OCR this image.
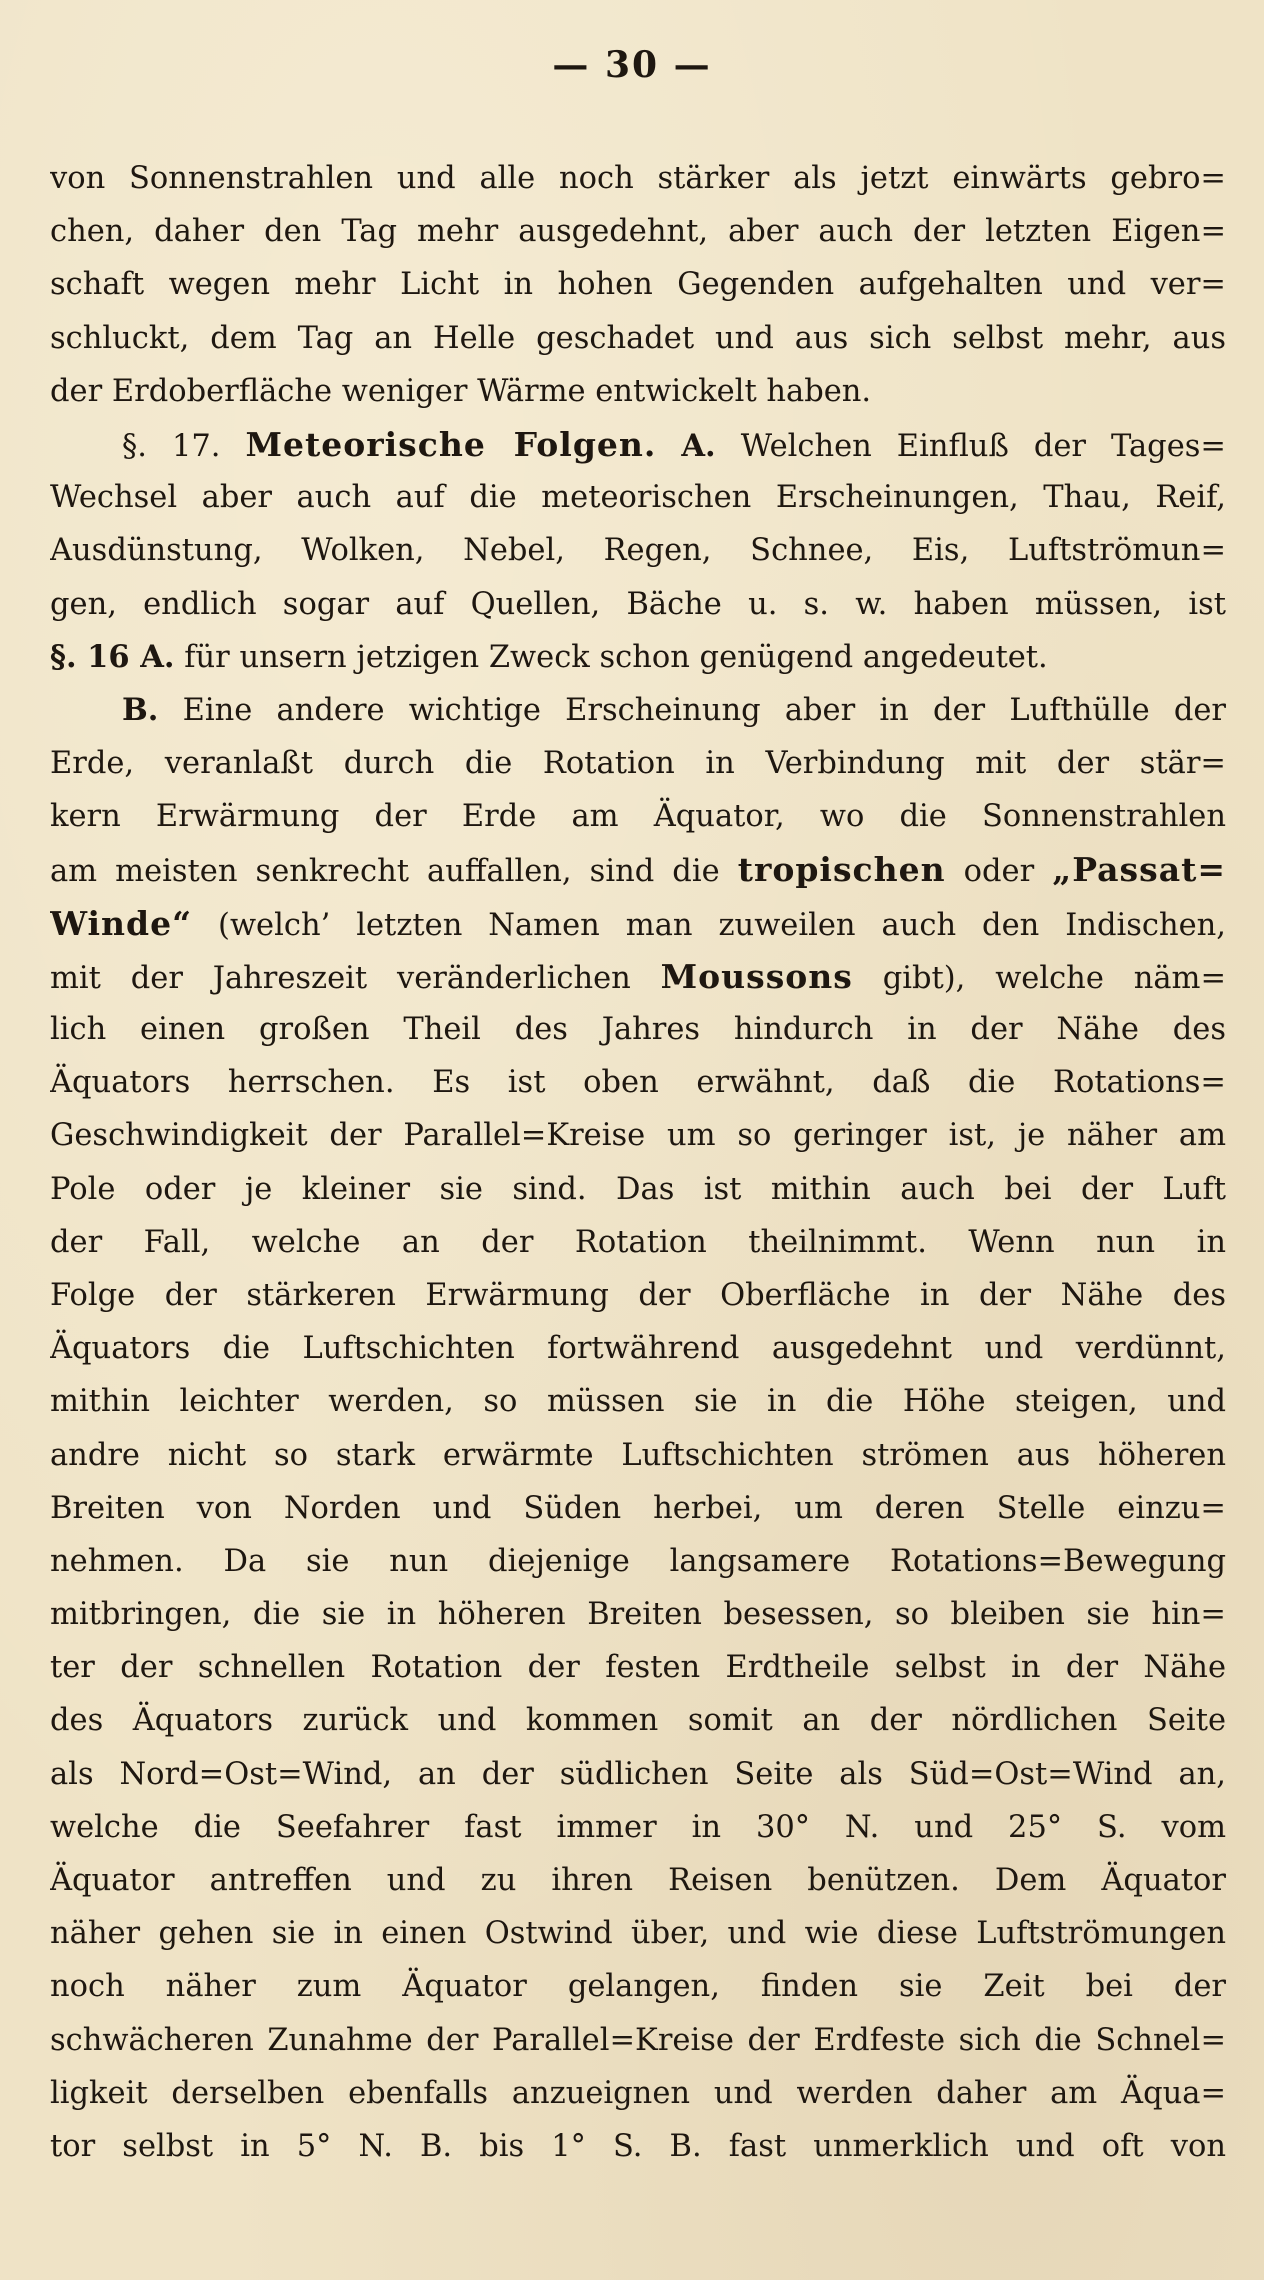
— 30 —
von Sonnenstrahlen und alle noch stärker als jetzt einwärts gebro=
chen, daher den Tag mehr ausgedehnt, aber auch der letzten Eigen=
schaft wegen mehr Licht in hohen Gegenden aufgehalten und ver=
schluckt, dem Tag an Helle geschadet und aus sich selbst mehr, aus
der Erdoberfläche weniger Wärme entwickelt haben.
§. 17. Meteorische Folgen. A. Welchen Einfluß der Tages=
Wechsel aber auch auf die meteorischen Erscheinungen, Thau, Reif,
Ausdünstung, Wolken, Nebel, Regen, Schnee, Eis, Luftströmun=
gen, endlich sogar auf Quellen, Bäche u. s. w. haben müssen, ist
§. 16 A. für unsern jetzigen Zweck schon genügend angedeutet.
B. Eine andere wichtige Erscheinung aber in der Lufthülle der
Erde, veranlaßt durch die Rotation in Verbindung mit der stär=
kern Erwärmung der Erde am Äquator, wo die Sonnenstrahlen
am meisten senkrecht auffallen, sind die tropischen oder „Passat=
Winde“ (welch’ letzten Namen man zuweilen auch den Indischen,
mit der Jahreszeit veränderlichen Moussons gibt), welche näm=
lich einen großen Theil des Jahres hindurch in der Nähe des
Äquators herrschen. Es ist oben erwähnt, daß die Rotations=
Geschwindigkeit der Parallel=Kreise um so geringer ist, je näher am
Pole oder je kleiner sie sind. Das ist mithin auch bei der Luft
der Fall, welche an der Rotation theilnimmt. Wenn nun in
Folge der stärkeren Erwärmung der Oberfläche in der Nähe des
Äquators die Luftschichten fortwährend ausgedehnt und verdünnt,
mithin leichter werden, so müssen sie in die Höhe steigen, und
andre nicht so stark erwärmte Luftschichten strömen aus höheren
Breiten von Norden und Süden herbei, um deren Stelle einzu=
nehmen. Da sie nun diejenige langsamere Rotations=Bewegung
mitbringen, die sie in höheren Breiten besessen, so bleiben sie hin=
ter der schnellen Rotation der festen Erdtheile selbst in der Nähe
des Äquators zurück und kommen somit an der nördlichen Seite
als Nord=Ost=Wind, an der südlichen Seite als Süd=Ost=Wind an,
welche die Seefahrer fast immer in 30° N. und 25° S. vom
Äquator antreffen und zu ihren Reisen benützen. Dem Äquator
näher gehen sie in einen Ostwind über, und wie diese Luftströmungen
noch näher zum Äquator gelangen, finden sie Zeit bei der
schwächeren Zunahme der Parallel=Kreise der Erdfeste sich die Schnel=
ligkeit derselben ebenfalls anzueignen und werden daher am Äqua=
tor selbst in 5° N. B. bis 1° S. B. fast unmerklich und oft von
